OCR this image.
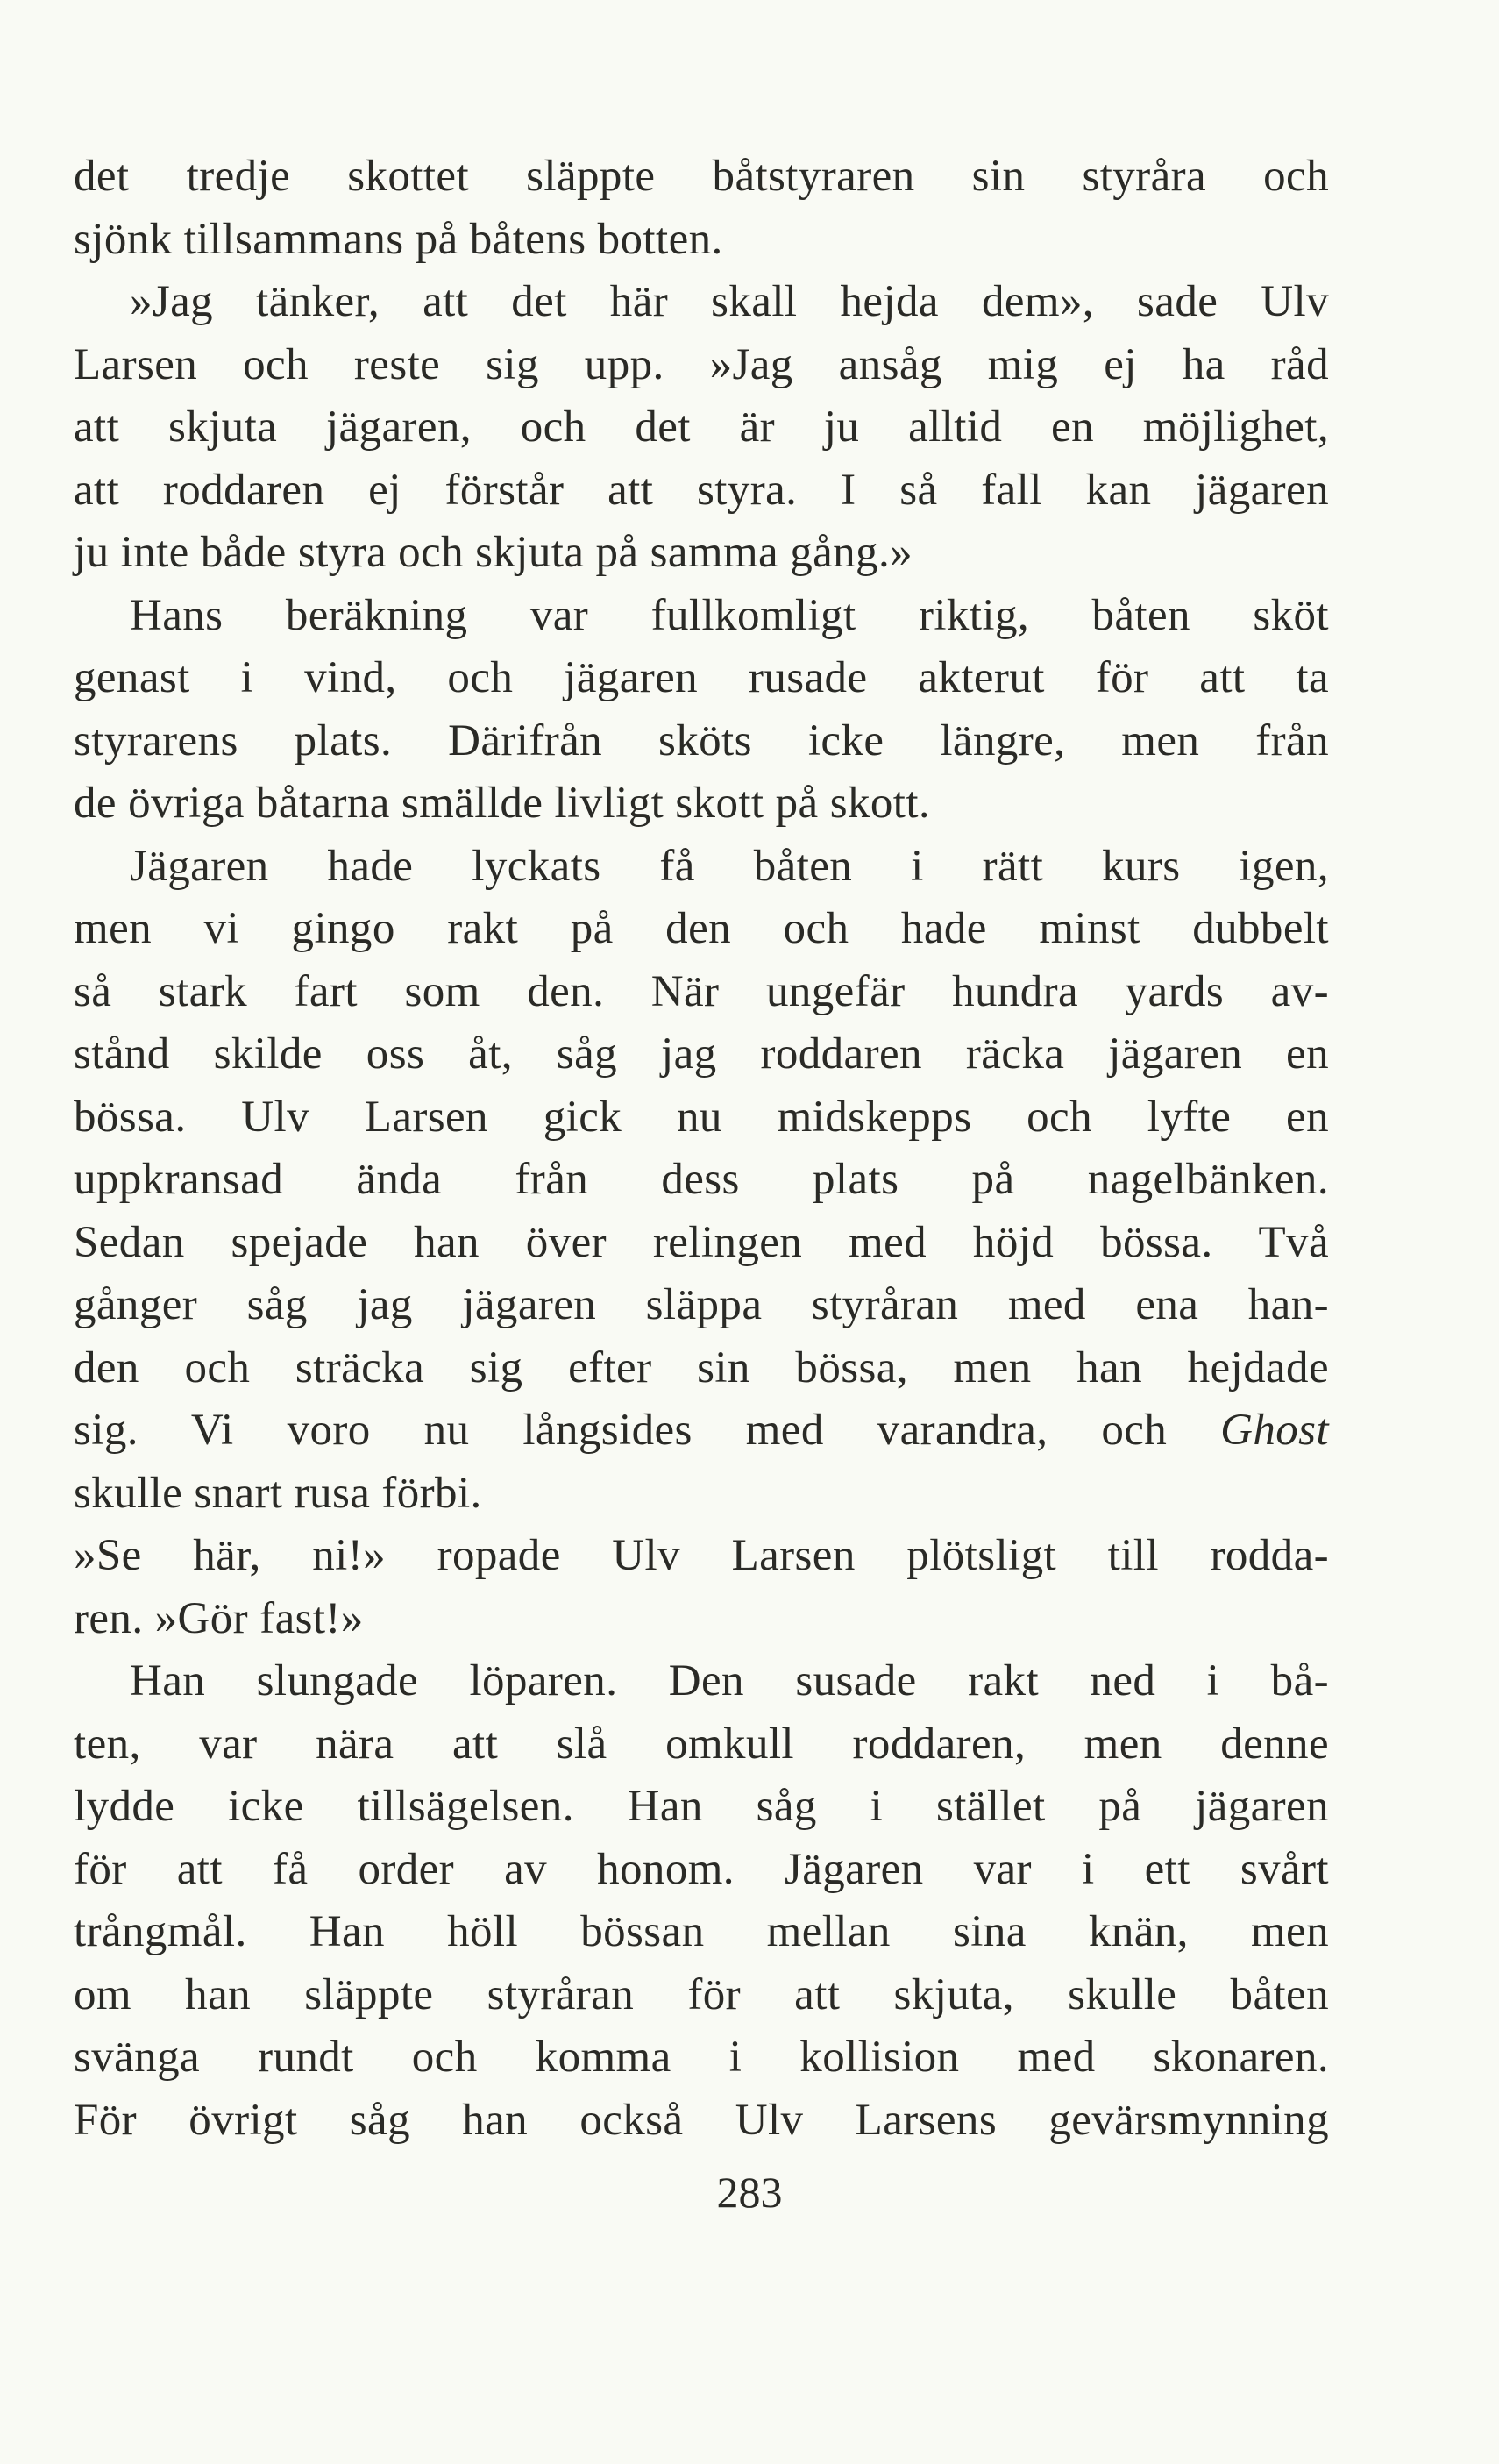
det tredje skottet släppte båtstyraren sin styråra och
sjönk tillsammans på båtens botten.
»Jag tänker, att det här skall hejda dem», sade Ulv
Larsen och reste sig upp. »Jag ansåg mig ej ha råd
att skjuta jägaren, och det är ju alltid en möjlighet,
att roddaren ej förstår att styra. I så fall kan jägaren
ju inte både styra och skjuta på samma gång.»
Hans beräkning var fullkomligt riktig, båten sköt
genast i vind, och jägaren rusade akterut för att ta
styrarens plats. Därifrån sköts icke längre, men från
de övriga båtarna smällde livligt skott på skott.
Jägaren hade lyckats få båten i rätt kurs igen,
men vi gingo rakt på den och hade minst dubbelt
så stark fart som den. När ungefär hundra yards av-
stånd skilde oss åt, såg jag roddaren räcka jägaren en
bössa. Ulv Larsen gick nu midskepps och lyfte en
uppkransad ända från dess plats på nagelbänken.
Sedan spejade han över relingen med höjd bössa. Två
gånger såg jag jägaren släppa styråran med ena han-
den och sträcka sig efter sin bössa, men han hejdade
sig. Vi voro nu långsides med varandra, och Ghost
skulle snart rusa förbi.
»Se här, ni!» ropade Ulv Larsen plötsligt till rodda-
ren. »Gör fast!»
Han slungade löparen. Den susade rakt ned i bå-
ten, var nära att slå omkull roddaren, men denne
lydde icke tillsägelsen. Han såg i stället på jägaren
för att få order av honom. Jägaren var i ett svårt
trångmål. Han höll bössan mellan sina knän, men
om han släppte styråran för att skjuta, skulle båten
svänga rundt och komma i kollision med skonaren.
För övrigt såg han också Ulv Larsens gevärsmynning
283
